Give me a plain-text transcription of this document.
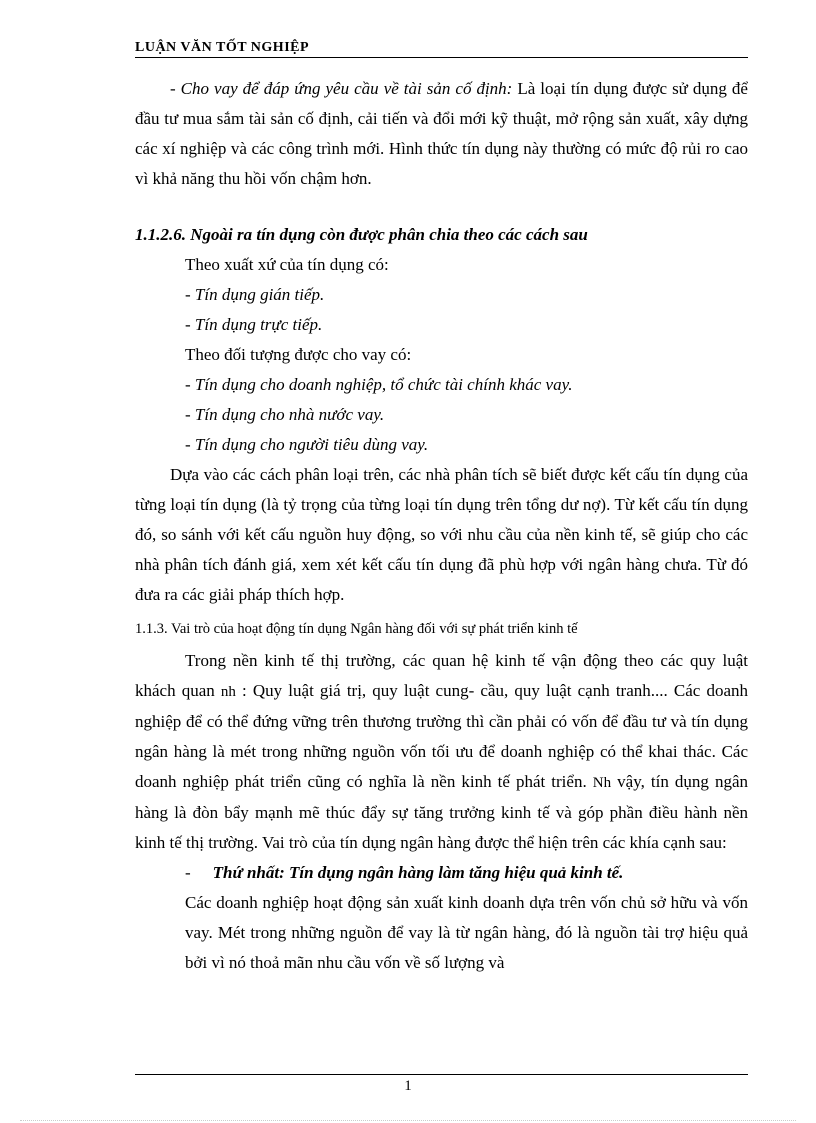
LUẬN VĂN TỐT NGHIỆP

- Cho vay để đáp ứng yêu cầu về tài sản cố định: Là loại tín dụng được sử dụng để đầu tư mua sắm tài sản cố định, cải tiến và đổi mới kỹ thuật, mở rộng sản xuất, xây dựng các xí nghiệp và các công trình mới. Hình thức tín dụng này thường có mức độ rủi ro cao vì khả năng thu hồi vốn chậm hơn.

1.1.2.6. Ngoài ra tín dụng còn được phân chia theo các cách sau

Theo xuất xứ của tín dụng có:

- Tín dụng gián tiếp.

- Tín dụng trực tiếp.

Theo đối tượng được cho vay có:

- Tín dụng cho doanh nghiệp, tổ chức tài chính khác vay.

- Tín dụng cho nhà nước vay.

- Tín dụng cho người tiêu dùng vay.

Dựa vào các cách phân loại trên, các nhà phân tích sẽ biết được kết cấu tín dụng của từng loại tín dụng (là tỷ trọng của từng loại tín dụng trên tổng dư nợ). Từ kết cấu tín dụng đó, so sánh với kết cấu nguồn huy động, so với nhu cầu của nền kinh tế, sẽ giúp cho các nhà phân tích đánh giá, xem xét kết cấu tín dụng đã phù hợp với ngân hàng chưa. Từ đó đưa ra các giải pháp thích hợp.

1.1.3. Vai trò của hoạt động tín dụng Ngân hàng đối với sự phát triển kinh tế

Trong nền kinh tế thị trường, các quan hệ kinh tế vận động theo các quy luật khách quan nh : Quy luật giá trị, quy luật cung- cầu, quy luật cạnh tranh.... Các doanh nghiệp để có thể đứng vững trên thương trường thì cần phải có vốn để đầu tư và tín dụng ngân hàng là mét trong những nguồn vốn tối ưu để doanh nghiệp có thể khai thác. Các doanh nghiệp phát triển cũng có nghĩa là nền kinh tế phát triển. Nh vậy, tín dụng ngân hàng là đòn bẩy mạnh mẽ thúc đẩy sự tăng trưởng kinh tế và góp phần điều hành nền kinh tế thị trường. Vai trò của tín dụng ngân hàng được thể hiện trên các khía cạnh sau:

- Thứ nhất: Tín dụng ngân hàng làm tăng hiệu quả kinh tế.

Các doanh nghiệp hoạt động sản xuất kinh doanh dựa trên vốn chủ sở hữu và vốn vay. Mét trong những nguồn để vay là từ ngân hàng, đó là nguồn tài trợ hiệu quả bởi vì nó thoả mãn nhu cầu vốn về số lượng và

1
